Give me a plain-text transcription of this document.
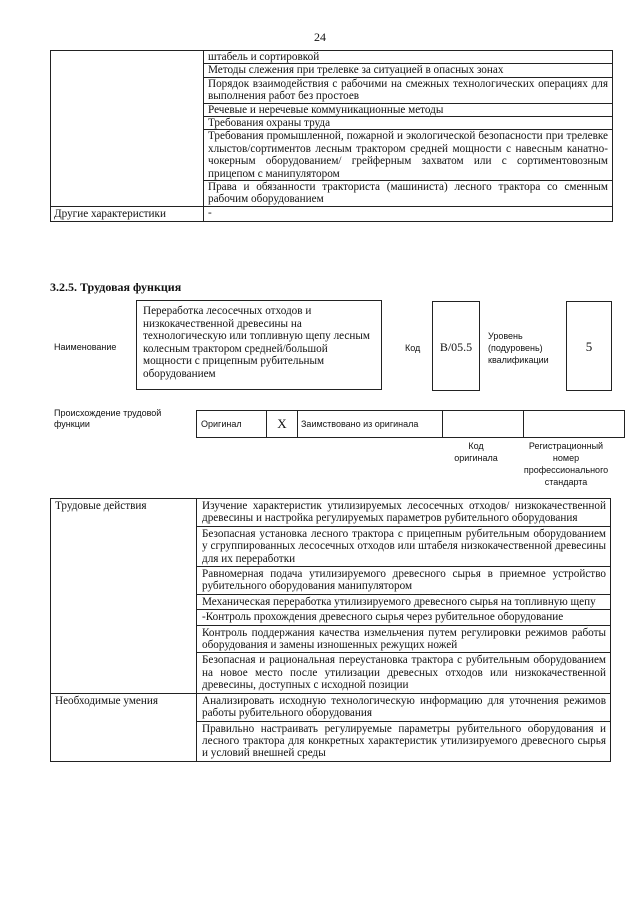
24
	штабель и сортировкой
	Методы слежения при трелевке за ситуацией в опасных зонах
	Порядок взаимодействия с рабочими на смежных технологических операциях для выполнения работ без простоев
	Речевые и неречевые коммуникационные методы
	Требования охраны труда
	Требования промышленной, пожарной и экологической безопасности при трелевке хлыстов/сортиментов лесным трактором средней мощности с навесным канатно-чокерным оборудованием/ грейферным захватом или с сортиментовозным прицепом с манипулятором
	Права и обязанности тракториста (машиниста) лесного трактора со сменным рабочим оборудованием
Другие характеристики	-
3.2.5. Трудовая функция
Наименование
Переработка лесосечных отходов и низкокачественной древесины на технологическую или топливную щепу лесным колесным трактором средней/большой мощности с прицепным рубительным оборудованием
Код	B/05.5
Уровень (подуровень) квалификации
5
Происхождение трудовой функции	Оригинал	X	Заимствовано из оригинала		
Код оригинала
Регистрационный номер профессионального стандарта
Трудовые действия	Изучение характеристик утилизируемых лесосечных отходов/ низкокачественной древесины и настройка регулируемых параметров рубительного оборудования
	Безопасная установка лесного трактора с прицепным рубительным оборудованием у сгруппированных лесосечных отходов или штабеля низкокачественной древесины для их переработки
	Равномерная подача утилизируемого древесного сырья в приемное устройство рубительного оборудования манипулятором
	Механическая переработка утилизируемого древесного сырья на топливную щепу
	-Контроль прохождения древесного сырья через рубительное оборудование
	Контроль поддержания качества измельчения путем регулировки режимов работы оборудования и замены изношенных режущих ножей
	Безопасная и рациональная переустановка трактора с рубительным оборудованием на новое место после утилизации древесных отходов или низкокачественной древесины, доступных с исходной позиции
Необходимые умения	Анализировать исходную технологическую информацию для уточнения режимов работы рубительного оборудования
	Правильно настраивать регулируемые параметры рубительного оборудования и лесного трактора для конкретных характеристик утилизируемого древесного сырья и условий внешней среды
